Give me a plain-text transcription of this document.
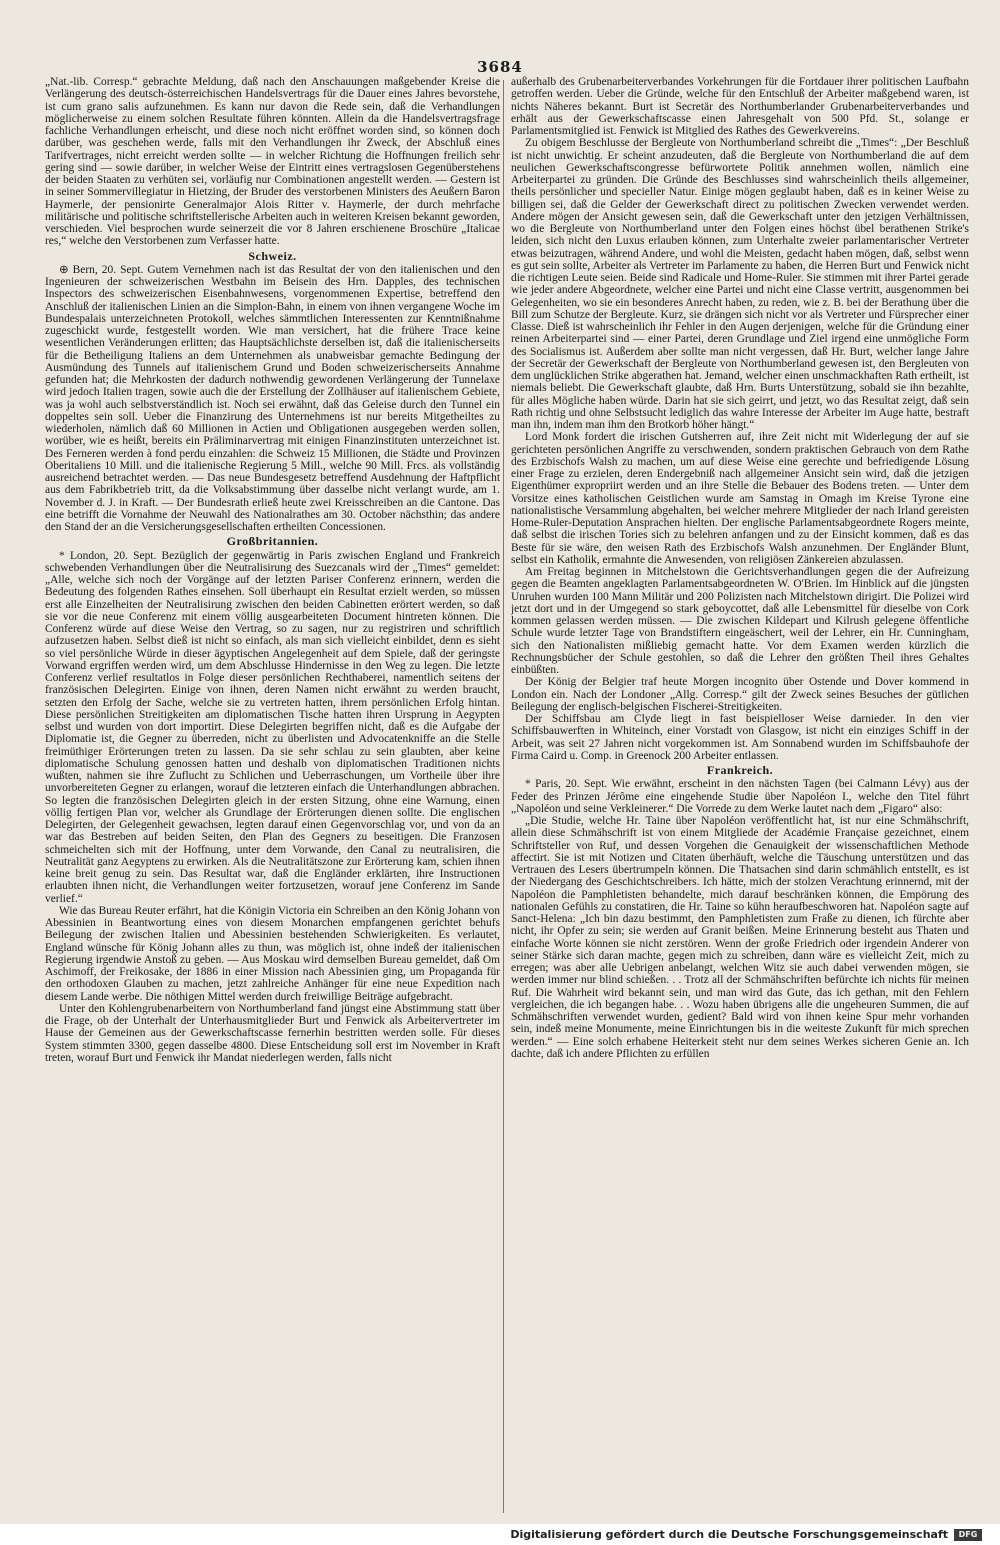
3684

„Nat.-lib. Corresp.“ gebrachte Meldung, daß nach den Anschauungen maßgebender Kreise die Verlängerung des deutsch-österreichischen Handelsvertrags für die Dauer eines Jahres bevorstehe, ist cum grano salis aufzunehmen. Es kann nur davon die Rede sein, daß die Verhandlungen möglicherweise zu einem solchen Resultate führen könnten. Allein da die Handelsvertragsfrage fachliche Verhandlungen erheischt, und diese noch nicht eröffnet worden sind, so können doch darüber, was geschehen werde, falls mit den Verhandlungen ihr Zweck, der Abschluß eines Tarifvertrages, nicht erreicht werden sollte — in welcher Richtung die Hoffnungen freilich sehr gering sind — sowie darüber, in welcher Weise der Eintritt eines vertragslosen Gegenüberstehens der beiden Staaten zu verhüten sei, vorläufig nur Combinationen angestellt werden. — Gestern ist in seiner Sommervillegiatur in Hietzing, der Bruder des verstorbenen Ministers des Aeußern Baron Haymerle, der pensionirte Generalmajor Alois Ritter v. Haymerle, der durch mehrfache militärische und politische schriftstellerische Arbeiten auch in weiteren Kreisen bekannt geworden, verschieden. Viel besprochen wurde seinerzeit die vor 8 Jahren erschienene Broschüre „Italicae res,“ welche den Verstorbenen zum Verfasser hatte.

Schweiz.

⊕ Bern, 20. Sept. Gutem Vernehmen nach ist das Resultat der von den italienischen und den Ingenieuren der schweizerischen Westbahn im Beisein des Hrn. Dapples, des technischen Inspectors des schweizerischen Eisenbahnwesens, vorgenommenen Expertise, betreffend den Anschluß der italienischen Linien an die Simplon-Bahn, in einem von ihnen vergangene Woche im Bundespalais unterzeichneten Protokoll, welches sämmtlichen Interessenten zur Kenntnißnahme zugeschickt wurde, festgestellt worden. Wie man versichert, hat die frühere Trace keine wesentlichen Veränderungen erlitten; das Hauptsächlichste derselben ist, daß die italienischerseits für die Betheiligung Italiens an dem Unternehmen als unabweisbar gemachte Bedingung der Ausmündung des Tunnels auf italienischem Grund und Boden schweizerischerseits Annahme gefunden hat; die Mehrkosten der dadurch nothwendig gewordenen Verlängerung der Tunnelaxe wird jedoch Italien tragen, sowie auch die der Erstellung der Zollhäuser auf italienischem Gebiete, was ja wohl auch selbstverständlich ist. Noch sei erwähnt, daß das Geleise durch den Tunnel ein doppeltes sein soll. Ueber die Finanzirung des Unternehmens ist nur bereits Mitgetheiltes zu wiederholen, nämlich daß 60 Millionen in Actien und Obligationen ausgegeben werden sollen, worüber, wie es heißt, bereits ein Präliminarvertrag mit einigen Finanzinstituten unterzeichnet ist. Des Ferneren werden à fond perdu einzahlen: die Schweiz 15 Millionen, die Städte und Provinzen Oberitaliens 10 Mill. und die italienische Regierung 5 Mill., welche 90 Mill. Frcs. als vollständig ausreichend betrachtet werden. — Das neue Bundesgesetz betreffend Ausdehnung der Haftpflicht aus dem Fabrikbetrieb tritt, da die Volksabstimmung über dasselbe nicht verlangt wurde, am 1. November d. J. in Kraft. — Der Bundesrath erließ heute zwei Kreisschreiben an die Cantone. Das eine betrifft die Vornahme der Neuwahl des Nationalrathes am 30. October nächsthin; das andere den Stand der an die Versicherungsgesellschaften ertheilten Concessionen.

Großbritannien.

* London, 20. Sept. Bezüglich der gegenwärtig in Paris zwischen England und Frankreich schwebenden Verhandlungen über die Neutralisirung des Suezcanals wird der „Times“ gemeldet: „Alle, welche sich noch der Vorgänge auf der letzten Pariser Conferenz erinnern, werden die Bedeutung des folgenden Rathes einsehen. Soll überhaupt ein Resultat erzielt werden, so müssen erst alle Einzelheiten der Neutralisirung zwischen den beiden Cabinetten erörtert werden, so daß sie vor die neue Conferenz mit einem völlig ausgearbeiteten Document hintreten können. Die Conferenz würde auf diese Weise den Vertrag, so zu sagen, nur zu registriren und schriftlich aufzusetzen haben. Selbst dieß ist nicht so einfach, als man sich vielleicht einbildet, denn es sieht so viel persönliche Würde in dieser ägyptischen Angelegenheit auf dem Spiele, daß der geringste Vorwand ergriffen werden wird, um dem Abschlusse Hindernisse in den Weg zu legen. Die letzte Conferenz verlief resultatlos in Folge dieser persönlichen Rechthaberei, namentlich seitens der französischen Delegirten. Einige von ihnen, deren Namen nicht erwähnt zu werden braucht, setzten den Erfolg der Sache, welche sie zu vertreten hatten, ihrem persönlichen Erfolg hintan. Diese persönlichen Streitigkeiten am diplomatischen Tische hatten ihren Ursprung in Aegypten selbst und wurden von dort importirt. Diese Delegirten begriffen nicht, daß es die Aufgabe der Diplomatie ist, die Gegner zu überreden, nicht zu überlisten und Advocatenkniffe an die Stelle freimüthiger Erörterungen treten zu lassen. Da sie sehr schlau zu sein glaubten, aber keine diplomatische Schulung genossen hatten und deshalb von diplomatischen Traditionen nichts wußten, nahmen sie ihre Zuflucht zu Schlichen und Ueberraschungen, um Vortheile über ihre unvorbereiteten Gegner zu erlangen, worauf die letzteren einfach die Unterhandlungen abbrachen. So legten die französischen Delegirten gleich in der ersten Sitzung, ohne eine Warnung, einen völlig fertigen Plan vor, welcher als Grundlage der Erörterungen dienen sollte. Die englischen Delegirten, der Gelegenheit gewachsen, legten darauf einen Gegenvorschlag vor, und von da an war das Bestreben auf beiden Seiten, den Plan des Gegners zu beseitigen. Die Franzosen schmeichelten sich mit der Hoffnung, unter dem Vorwande, den Canal zu neutralisiren, die Neutralität ganz Aegyptens zu erwirken. Als die Neutralitätszone zur Erörterung kam, schien ihnen keine breit genug zu sein. Das Resultat war, daß die Engländer erklärten, ihre Instructionen erlaubten ihnen nicht, die Verhandlungen weiter fortzusetzen, worauf jene Conferenz im Sande verlief.“

Wie das Bureau Reuter erfährt, hat die Königin Victoria ein Schreiben an den König Johann von Abessinien in Beantwortung eines von diesem Monarchen empfangenen gerichtet behufs Beilegung der zwischen Italien und Abessinien bestehenden Schwierigkeiten. Es verlautet, England wünsche für König Johann alles zu thun, was möglich ist, ohne indeß der italienischen Regierung irgendwie Anstoß zu geben. — Aus Moskau wird demselben Bureau gemeldet, daß Om Aschimoff, der Freikosake, der 1886 in einer Mission nach Abessinien ging, um Propaganda für den orthodoxen Glauben zu machen, jetzt zahlreiche Anhänger für eine neue Expedition nach diesem Lande werbe. Die nöthigen Mittel werden durch freiwillige Beiträge aufgebracht.

Unter den Kohlengrubenarbeitern von Northumberland fand jüngst eine Abstimmung statt über die Frage, ob der Unterhalt der Unterhausmitglieder Burt und Fenwick als Arbeitervertreter im Hause der Gemeinen aus der Gewerkschaftscasse fernerhin bestritten werden solle. Für dieses System stimmten 3300, gegen dasselbe 4800. Diese Entscheidung soll erst im November in Kraft treten, worauf Burt und Fenwick ihr Mandat niederlegen werden, falls nicht

außerhalb des Grubenarbeiterverbandes Vorkehrungen für die Fortdauer ihrer politischen Laufbahn getroffen werden. Ueber die Gründe, welche für den Entschluß der Arbeiter maßgebend waren, ist nichts Näheres bekannt. Burt ist Secretär des Northumberlander Grubenarbeiterverbandes und erhält aus der Gewerkschaftscasse einen Jahresgehalt von 500 Pfd. St., solange er Parlamentsmitglied ist. Fenwick ist Mitglied des Rathes des Gewerkvereins.

Zu obigem Beschlusse der Bergleute von Northumberland schreibt die „Times“: „Der Beschluß ist nicht unwichtig. Er scheint anzudeuten, daß die Bergleute von Northumberland die auf dem neulichen Gewerkschaftscongresse befürwortete Politik annehmen wollen, nämlich eine Arbeiterpartei zu gründen. Die Gründe des Beschlusses sind wahrscheinlich theils allgemeiner, theils persönlicher und specieller Natur. Einige mögen geglaubt haben, daß es in keiner Weise zu billigen sei, daß die Gelder der Gewerkschaft direct zu politischen Zwecken verwendet werden. Andere mögen der Ansicht gewesen sein, daß die Gewerkschaft unter den jetzigen Verhältnissen, wo die Bergleute von Northumberland unter den Folgen eines höchst übel berathenen Strike's leiden, sich nicht den Luxus erlauben können, zum Unterhalte zweier parlamentarischer Vertreter etwas beizutragen, während Andere, und wohl die Meisten, gedacht haben mögen, daß, selbst wenn es gut sein sollte, Arbeiter als Vertreter im Parlamente zu haben, die Herren Burt und Fenwick nicht die richtigen Leute seien. Beide sind Radicale und Home-Ruler. Sie stimmen mit ihrer Partei gerade wie jeder andere Abgeordnete, welcher eine Partei und nicht eine Classe vertritt, ausgenommen bei Gelegenheiten, wo sie ein besonderes Anrecht haben, zu reden, wie z. B. bei der Berathung über die Bill zum Schutze der Bergleute. Kurz, sie drängen sich nicht vor als Vertreter und Fürsprecher einer Classe. Dieß ist wahrscheinlich ihr Fehler in den Augen derjenigen, welche für die Gründung einer reinen Arbeiterpartei sind — einer Partei, deren Grundlage und Ziel irgend eine unmögliche Form des Socialismus ist. Außerdem aber sollte man nicht vergessen, daß Hr. Burt, welcher lange Jahre der Secretär der Gewerkschaft der Bergleute von Northumberland gewesen ist, den Bergleuten von dem unglücklichen Strike abgerathen hat. Jemand, welcher einen unschmackhaften Rath ertheilt, ist niemals beliebt. Die Gewerkschaft glaubte, daß Hrn. Burts Unterstützung, sobald sie ihn bezahlte, für alles Mögliche haben würde. Darin hat sie sich geirrt, und jetzt, wo das Resultat zeigt, daß sein Rath richtig und ohne Selbstsucht lediglich das wahre Interesse der Arbeiter im Auge hatte, bestraft man ihn, indem man ihm den Brotkorb höher hängt.“

Lord Monk fordert die irischen Gutsherren auf, ihre Zeit nicht mit Widerlegung der auf sie gerichteten persönlichen Angriffe zu verschwenden, sondern praktischen Gebrauch von dem Rathe des Erzbischofs Walsh zu machen, um auf diese Weise eine gerechte und befriedigende Lösung einer Frage zu erzielen, deren Endergebniß nach allgemeiner Ansicht sein wird, daß die jetzigen Eigenthümer expropriirt werden und an ihre Stelle die Bebauer des Bodens treten. — Unter dem Vorsitze eines katholischen Geistlichen wurde am Samstag in Omagh im Kreise Tyrone eine nationalistische Versammlung abgehalten, bei welcher mehrere Mitglieder der nach Irland gereisten Home-Ruler-Deputation Ansprachen hielten. Der englische Parlamentsabgeordnete Rogers meinte, daß selbst die irischen Tories sich zu belehren anfangen und zu der Einsicht kommen, daß es das Beste für sie wäre, den weisen Rath des Erzbischofs Walsh anzunehmen. Der Engländer Blunt, selbst ein Katholik, ermahnte die Anwesenden, von religiösen Zänkereien abzulassen.

Am Freitag beginnen in Mitchelstown die Gerichtsverhandlungen gegen die der Aufreizung gegen die Beamten angeklagten Parlamentsabgeordneten W. O'Brien. Im Hinblick auf die jüngsten Unruhen wurden 100 Mann Militär und 200 Polizisten nach Mitchelstown dirigirt. Die Polizei wird jetzt dort und in der Umgegend so stark geboycottet, daß alle Lebensmittel für dieselbe von Cork kommen gelassen werden müssen. — Die zwischen Kildepart und Kilrush gelegene öffentliche Schule wurde letzter Tage von Brandstiftern eingeäschert, weil der Lehrer, ein Hr. Cunningham, sich den Nationalisten mißliebig gemacht hatte. Vor dem Examen werden kürzlich die Rechnungsbücher der Schule gestohlen, so daß die Lehrer den größten Theil ihres Gehaltes einbüßten.

Der König der Belgier traf heute Morgen incognito über Ostende und Dover kommend in London ein. Nach der Londoner „Allg. Corresp.“ gilt der Zweck seines Besuches der gütlichen Beilegung der englisch-belgischen Fischerei-Streitigkeiten.

Der Schiffsbau am Clyde liegt in fast beispielloser Weise darnieder. In den vier Schiffsbauwerften in Whiteinch, einer Vorstadt von Glasgow, ist nicht ein einziges Schiff in der Arbeit, was seit 27 Jahren nicht vorgekommen ist. Am Sonnabend wurden im Schiffsbauhofe der Firma Caird u. Comp. in Greenock 200 Arbeiter entlassen.

Frankreich.

* Paris, 20. Sept. Wie erwähnt, erscheint in den nächsten Tagen (bei Calmann Lévy) aus der Feder des Prinzen Jérôme eine eingehende Studie über Napoléon I., welche den Titel führt „Napoléon und seine Verkleinerer.“ Die Vorrede zu dem Werke lautet nach dem „Figaro“ also:

„Die Studie, welche Hr. Taine über Napoléon veröffentlicht hat, ist nur eine Schmähschrift, allein diese Schmähschrift ist von einem Mitgliede der Académie Française gezeichnet, einem Schriftsteller von Ruf, und dessen Vorgehen die Genauigkeit der wissenschaftlichen Methode affectirt. Sie ist mit Notizen und Citaten überhäuft, welche die Täuschung unterstützen und das Vertrauen des Lesers übertrumpeln können. Die Thatsachen sind darin schmählich entstellt, es ist der Niedergang des Geschichtschreibers. Ich hätte, mich der stolzen Verachtung erinnernd, mit der Napoléon die Pamphletisten behandelte, mich darauf beschränken können, die Empörung des nationalen Gefühls zu constatiren, die Hr. Taine so kühn heraufbeschworen hat. Napoléon sagte auf Sanct-Helena: „Ich bin dazu bestimmt, den Pamphletisten zum Fraße zu dienen, ich fürchte aber nicht, ihr Opfer zu sein; sie werden auf Granit beißen. Meine Erinnerung besteht aus Thaten und einfache Worte können sie nicht zerstören. Wenn der große Friedrich oder irgendein Anderer von seiner Stärke sich daran machte, gegen mich zu schreiben, dann wäre es vielleicht Zeit, mich zu erregen; was aber alle Uebrigen anbelangt, welchen Witz sie auch dabei verwenden mögen, sie werden immer nur blind schießen. . . Trotz all der Schmähschriften befürchte ich nichts für meinen Ruf. Die Wahrheit wird bekannt sein, und man wird das Gute, das ich gethan, mit den Fehlern vergleichen, die ich begangen habe. . . Wozu haben übrigens alle die ungeheuren Summen, die auf Schmähschriften verwendet wurden, gedient? Bald wird von ihnen keine Spur mehr vorhanden sein, indeß meine Monumente, meine Einrichtungen bis in die weiteste Zukunft für mich sprechen werden.“ — Eine solch erhabene Heiterkeit steht nur dem seines Werkes sicheren Genie an. Ich dachte, daß ich andere Pflichten zu erfüllen

Digitalisierung gefördert durch die Deutsche Forschungsgemeinschaft	DFG
